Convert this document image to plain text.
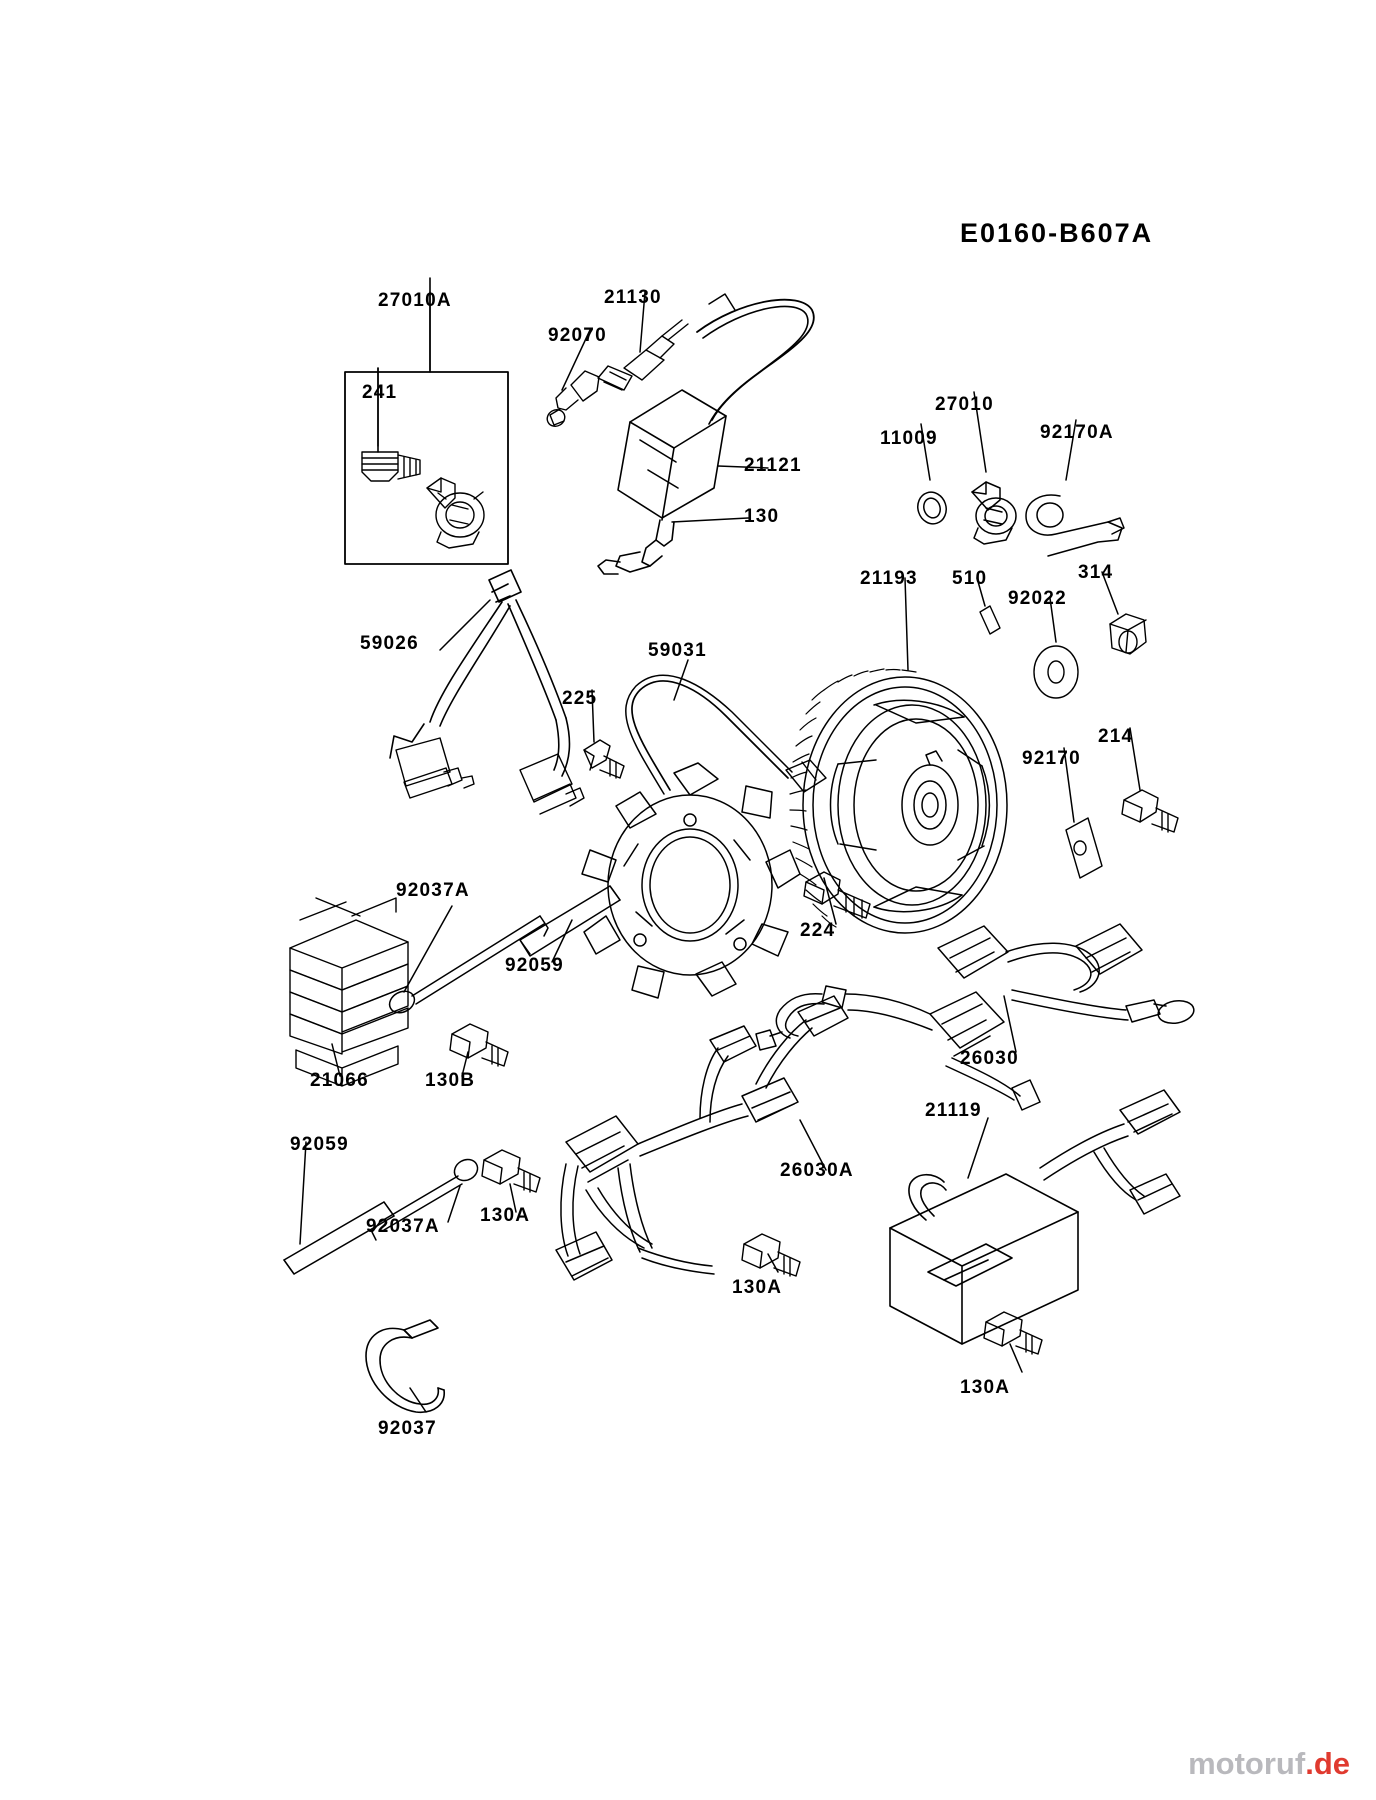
E0160-B607A
27010A
241
92070
21130
21121
130
11009
27010
92170A
21193 510
92022
314
59026	59031
225
92170
214
92037A
92059
224
21066	130B
26030
92059
92037A
130A
26030A
130A
21119
130A
92037
motoruf.de
